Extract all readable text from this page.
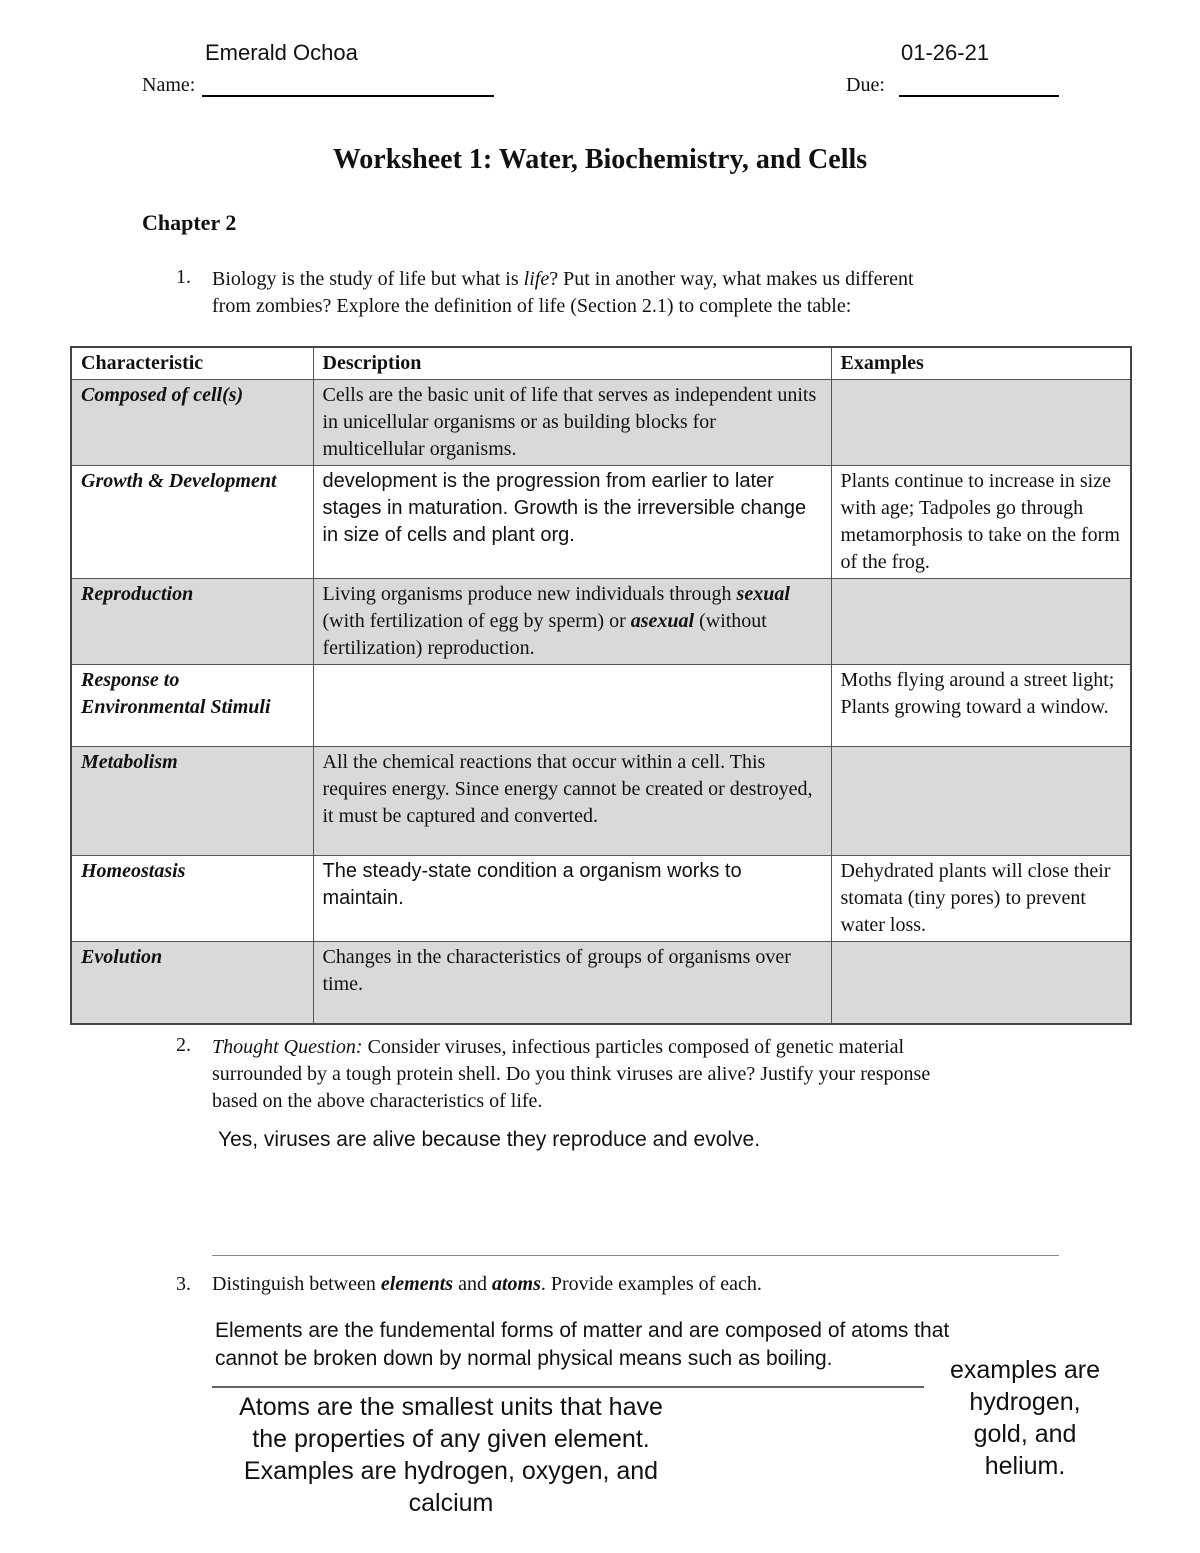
Emerald Ochoa	01-26-21
Name:	Due:
Worksheet 1: Water, Biochemistry, and Cells
Chapter 2
1. Biology is the study of life but what is life? Put in another way, what makes us different
from zombies? Explore the definition of life (Section 2.1) to complete the table:
Characteristic	Description	Examples
Composed of cell(s)	Cells are the basic unit of life that serves as independent units in unicellular organisms or as building blocks for multicellular organisms.	
Growth & Development	development is the progression from earlier to later stages in maturation. Growth is the irreversible change in size of cells and plant org.	Plants continue to increase in size with age; Tadpoles go through metamorphosis to take on the form of the frog.
Reproduction	Living organisms produce new individuals through sexual (with fertilization of egg by sperm) or asexual (without fertilization) reproduction.	
Response to Environmental Stimuli		Moths flying around a street light; Plants growing toward a window.
Metabolism	All the chemical reactions that occur within a cell. This requires energy. Since energy cannot be created or destroyed, it must be captured and converted.	
Homeostasis	The steady-state condition a organism works to maintain.	Dehydrated plants will close their stomata (tiny pores) to prevent water loss.
Evolution	Changes in the characteristics of groups of organisms over time.	
2. Thought Question: Consider viruses, infectious particles composed of genetic material
surrounded by a tough protein shell. Do you think viruses are alive? Justify your response
based on the above characteristics of life.
Yes, viruses are alive because they reproduce and evolve.
3. Distinguish between elements and atoms. Provide examples of each.
Elements are the fundemental forms of matter and are composed of atoms that
cannot be broken down by normal physical means such as boiling.	examples are
hydrogen,
gold, and
helium.
Atoms are the smallest units that have
the properties of any given element.
Examples are hydrogen, oxygen, and
calcium
